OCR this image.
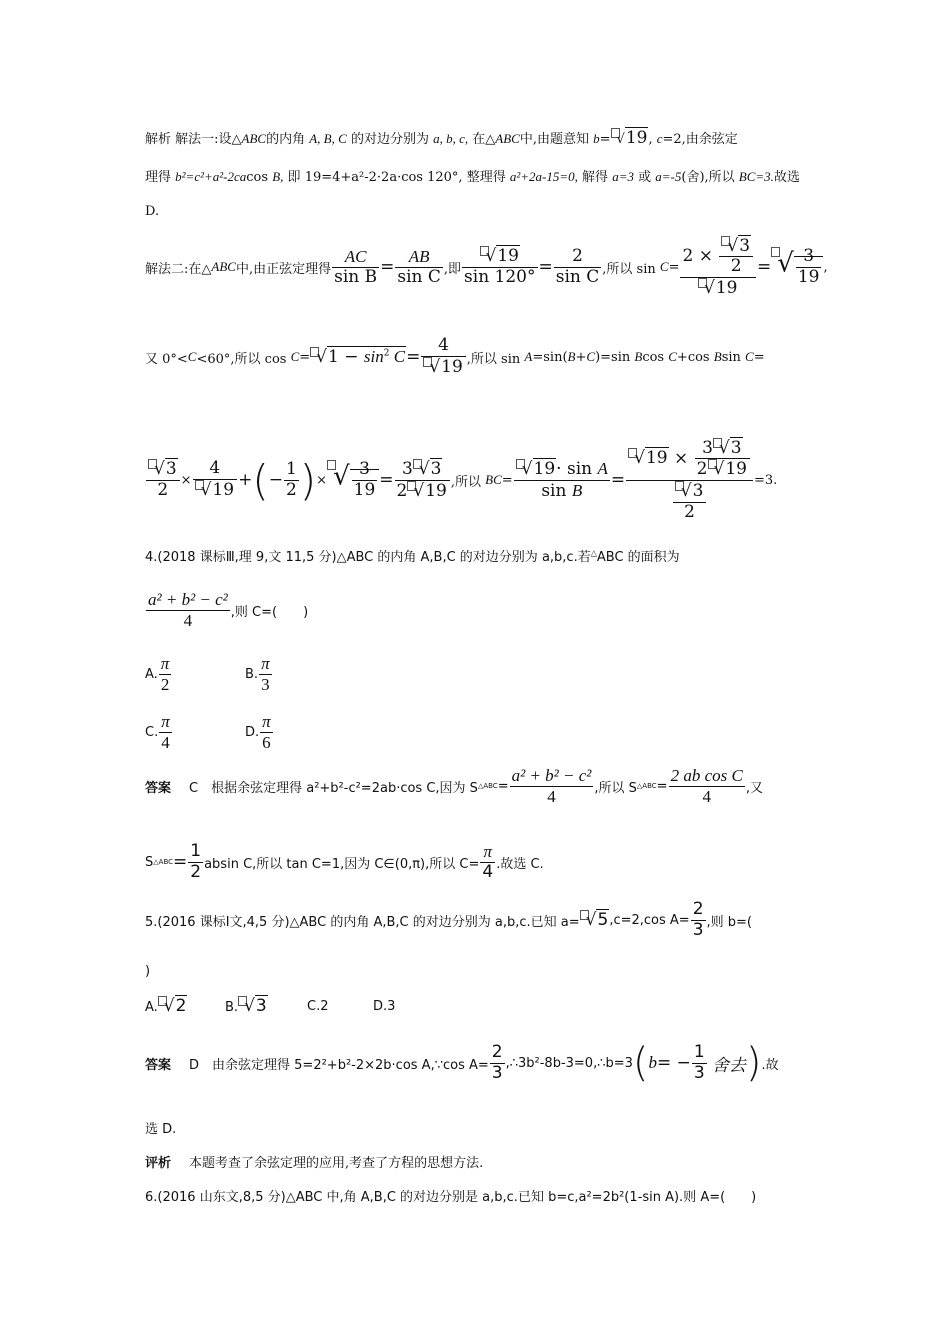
解析 解法一:设△ABC的内角 A, B, C 的对边分别为 a, b, c, 在△ABC中,由题意知 b= √19, c=2,由余弦定
理得 b²=c²+a²-2cacos B, 即 19=4+a²-2·2a·cos 120°, 整理得 a²+2a-15=0, 解得 a=3 或 a=-5(舍),所以 BC=3.故选
D.
解法二:在△ ABC 中,由正弦定理得 $\frac{AC}{\text{sin B}} = \frac{AB}{\text{sin C}}$ ,即 $\frac{√19}{\sin 120^\circ} = \frac{2}{\text{sin C}}$ ,所以 sin
$C = \frac{2 \times \frac{√3}{2}}{√19}$ = √ $\frac{3}{19}$ ,
又 0°< C <60°,所以 cos
$C = √1 - \sin^2 C = \frac{4}{√19}$ ,所以 sin
A =sin( B + C )=sin
B cos
C +cos
B sin
C =
$\frac{√3}{2} \times \frac{4}{√19}$ + ( − $\frac{1}{2}$ ) × √ $\frac{3}{19} = \frac{3 √3}{2 √19}$ ,所以
BC = $\frac{\text{√19· sin A}}{\text{sin B}} = \frac{√19 \times \frac{3 √3}{2 √19}}{\frac{√3}{2}} =3$.
4.(2018 课标Ⅲ,理 9,文 11,5 分)△ABC 的内角 A,B,C 的对边分别为 a,b,c.若△ABC 的面积为
$\frac{\text{a² + b² − c²}}{4}$ ,则 C=(　　)
A. $\frac{\pi}{2}$	B. $\frac{\pi}{3}$
C. $\frac{\pi}{4}$	D. $\frac{\pi}{6}$
答案 C　根据余弦定理得 a²+b²-c²=2ab·cos C,因为 S △ABC = $\frac{\text{a² + b² − c²}}{4}$ ,所以 S △ABC = $\frac{\text{2 ab cos C}}{4}$ ,又
S △ABC = $\frac{1}{2}$ absin C,所以 tan C=1,因为 C∈(0,π),所以 $C= \frac{\pi}{4}$ .故选 C.
5.(2016 课标Ⅰ文,4,5 分)△ABC 的内角 A,B,C 的对边分别为 a,b,c.已知 a= √5 ,c=2,cos $A= \frac{2}{3}$ ,则 b=(
)
A. √2	B. √3	C.2	D.3
答案 D　由余弦定理得 5=2²+b²-2×2b·cos A,∵cos $A= \frac{2}{3}$ ,∴3b²-8b-3=0,∴b=3 ( b = − $\frac{1}{3}$
舍去 ) .故
选 D.
评析 本题考查了余弦定理的应用,考查了方程的思想方法.
6.(2016 山东文,8,5 分)△ABC 中,角 A,B,C 的对边分别是 a,b,c.已知 b=c,a²=2b²(1-sin A).则 A=(　　)
